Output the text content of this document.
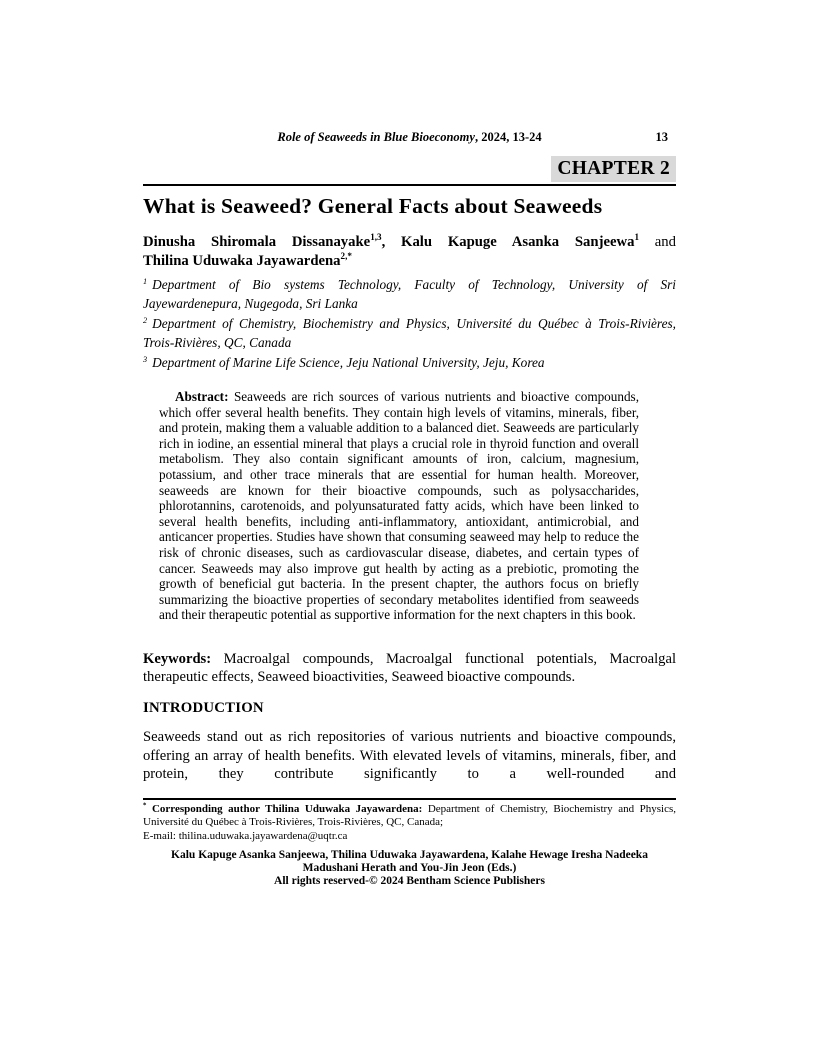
Role of Seaweeds in Blue Bioeconomy, 2024, 13-24	13
CHAPTER 2
What is Seaweed? General Facts about Seaweeds
Dinusha Shiromala Dissanayake$^{1,3}$, Kalu Kapuge Asanka Sanjeewa$^1$ and
Thilina Uduwaka Jayawardena$^{2,*}$

$^1$ Department of Bio systems Technology, Faculty of Technology, University of Sri Jayewardenepura, Nugegoda, Sri Lanka

$^2$ Department of Chemistry, Biochemistry and Physics, Université du Québec à Trois-Rivières, Trois-Rivières, QC, Canada

$^3$ Department of Marine Life Science, Jeju National University, Jeju, Korea

Abstract: Seaweeds are rich sources of various nutrients and bioactive compounds, which offer several health benefits. They contain high levels of vitamins, minerals, fiber, and protein, making them a valuable addition to a balanced diet. Seaweeds are particularly rich in iodine, an essential mineral that plays a crucial role in thyroid function and overall metabolism. They also contain significant amounts of iron, calcium, magnesium, potassium, and other trace minerals that are essential for human health. Moreover, seaweeds are known for their bioactive compounds, such as polysaccharides, phlorotannins, carotenoids, and polyunsaturated fatty acids, which have been linked to several health benefits, including anti-inflammatory, antioxidant, antimicrobial, and anticancer properties. Studies have shown that consuming seaweed may help to reduce the risk of chronic diseases, such as cardiovascular disease, diabetes, and certain types of cancer. Seaweeds may also improve gut health by acting as a prebiotic, promoting the growth of beneficial gut bacteria. In the present chapter, the authors focus on briefly summarizing the bioactive properties of secondary metabolites identified from seaweeds and their therapeutic potential as supportive information for the next chapters in this book.

Keywords: Macroalgal compounds, Macroalgal functional potentials, Macroalgal therapeutic effects, Seaweed bioactivities, Seaweed bioactive compounds.

INTRODUCTION

Seaweeds stand out as rich repositories of various nutrients and bioactive compounds, offering an array of health benefits. With elevated levels of vitamins, minerals, fiber, and protein, they contribute significantly to a well-rounded and

* Corresponding author Thilina Uduwaka Jayawardena: Department of Chemistry, Biochemistry and Physics, Université du Québec à Trois-Rivières, Trois-Rivières, QC, Canada;

E-mail: thilina.uduwaka.jayawardena@uqtr.ca

Kalu Kapuge Asanka Sanjeewa, Thilina Uduwaka Jayawardena, Kalahe Hewage Iresha Nadeeka Madushani Herath and You-Jin Jeon (Eds.)

All rights reserved-© 2024 Bentham Science Publishers
